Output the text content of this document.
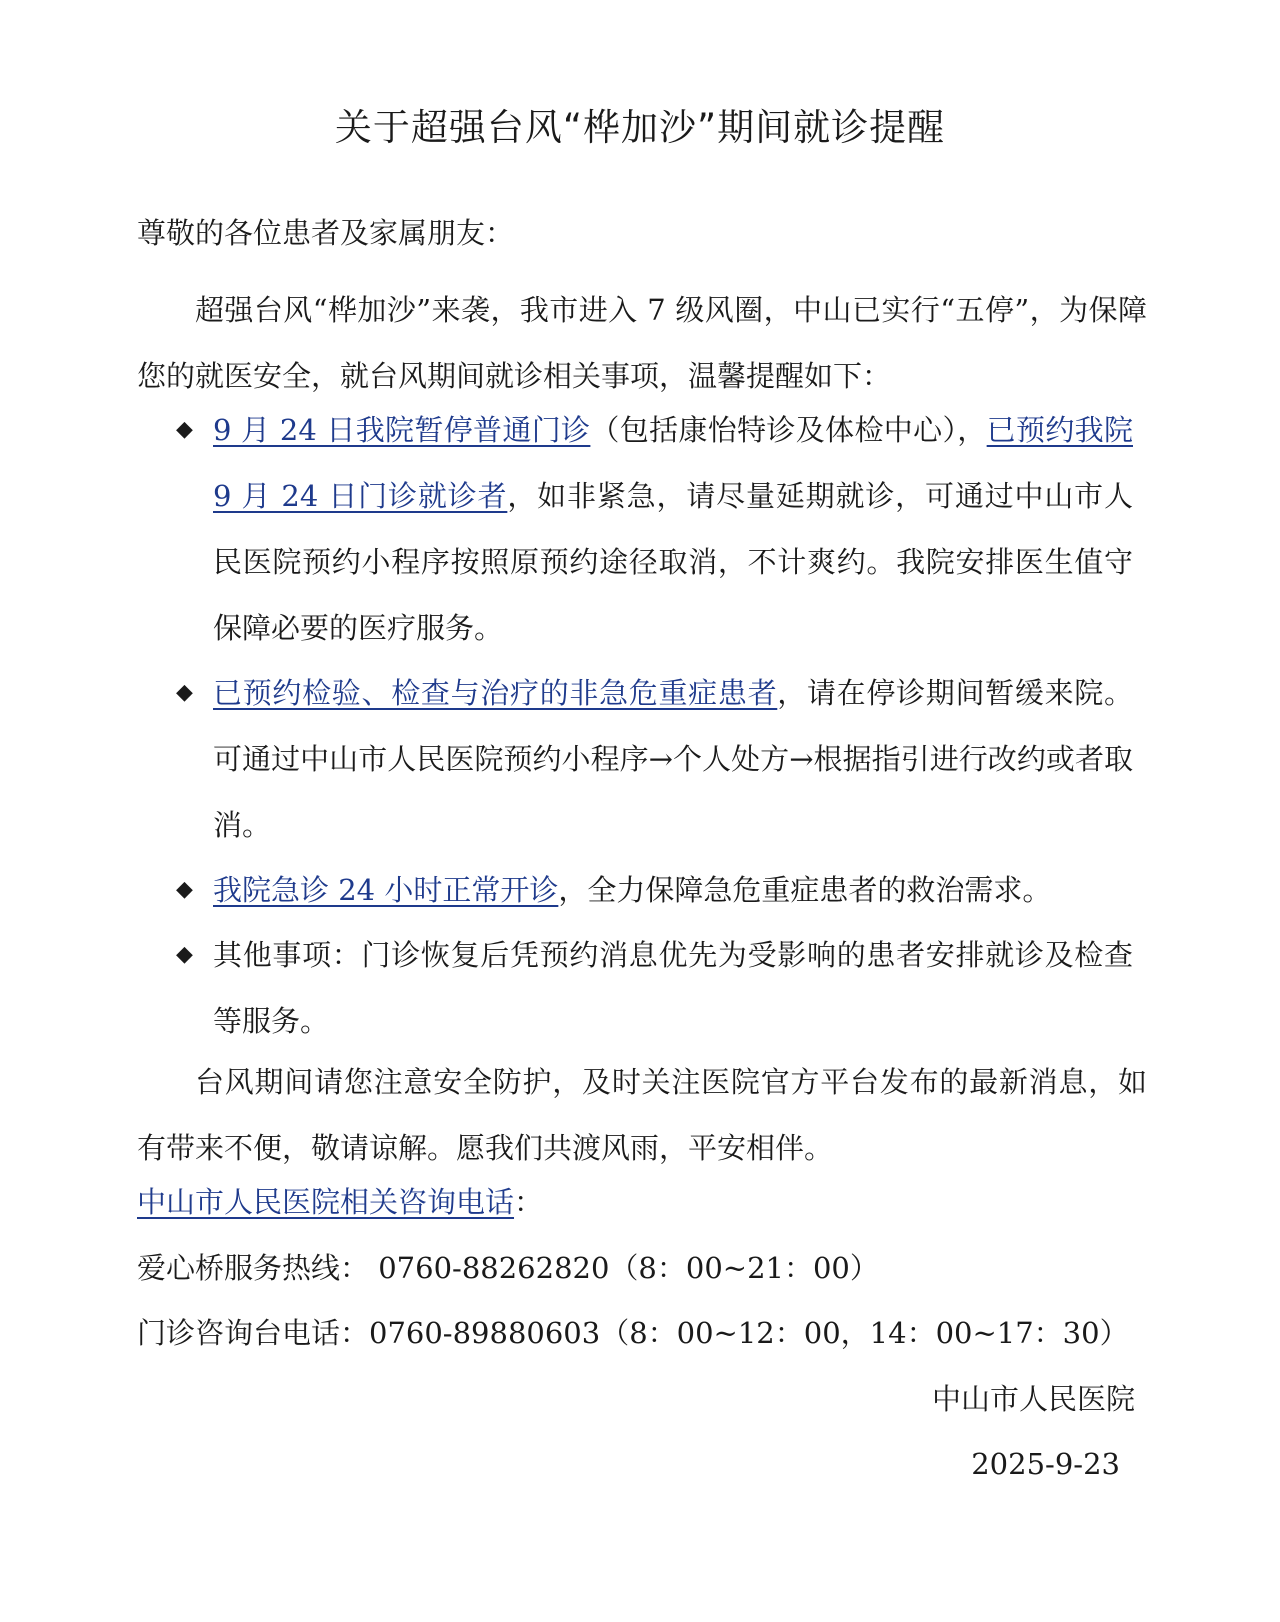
关于超强台风“桦加沙”期间就诊提醒
尊敬的各位患者及家属朋友：
超强台风“桦加沙”来袭，我市进入 7 级风圈，中山已实行“五停”，为保障您的就医安全，就台风期间就诊相关事项，温馨提醒如下：
◆ 9 月 24 日我院暂停普通门诊（包括康怡特诊及体检中心），已预约我院 9 月 24 日门诊就诊者，如非紧急，请尽量延期就诊，可通过中山市人民医院预约小程序按照原预约途径取消，不计爽约。我院安排医生值守保障必要的医疗服务。
◆ 已预约检验、检查与治疗的非急危重症患者，请在停诊期间暂缓来院。可通过中山市人民医院预约小程序→个人处方→根据指引进行改约或者取消。
◆ 我院急诊 24 小时正常开诊，全力保障急危重症患者的救治需求。
◆ 其他事项：门诊恢复后凭预约消息优先为受影响的患者安排就诊及检查等服务。
台风期间请您注意安全防护，及时关注医院官方平台发布的最新消息，如有带来不便，敬请谅解。愿我们共渡风雨，平安相伴。
中山市人民医院相关咨询电话：
爱心桥服务热线： 0760-88262820（8：00~21：00）
门诊咨询台电话：0760-89880603（8：00~12：00，14：00~17：30）
中山市人民医院
2025-9-23
